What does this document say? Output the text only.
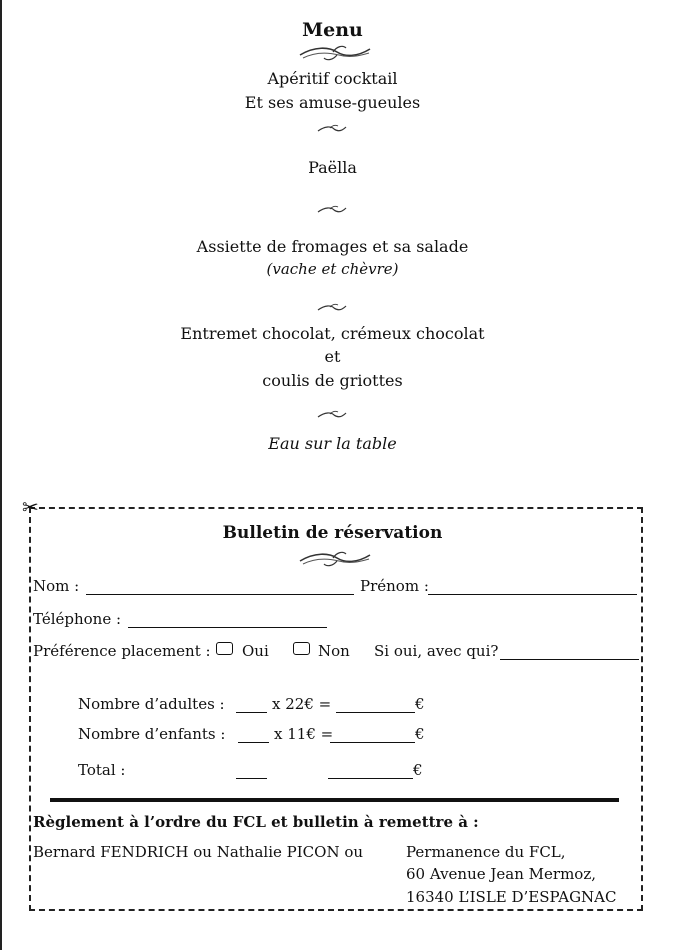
Menu
Apéritif cocktail
Et ses amuse-gueules
Paëlla
Assiette de fromages et sa salade
(vache et chèvre)
Entremet chocolat, crémeux chocolat
et
coulis de griottes
Eau sur la table
✂
Bulletin de réservation
Nom :	Prénom :
Téléphone :
Préférence placement : Oui	Non Si oui, avec qui?
Nombre d’adultes :	x 22€ =	€
Nombre d’enfants :	x 11€ =	€
Total :	€
Règlement à l’ordre du FCL et bulletin à remettre à :
Bernard FENDRICH ou Nathalie PICON ou	Permanence du FCL,
60 Avenue Jean Mermoz,
16340 L’ISLE D’ESPAGNAC
